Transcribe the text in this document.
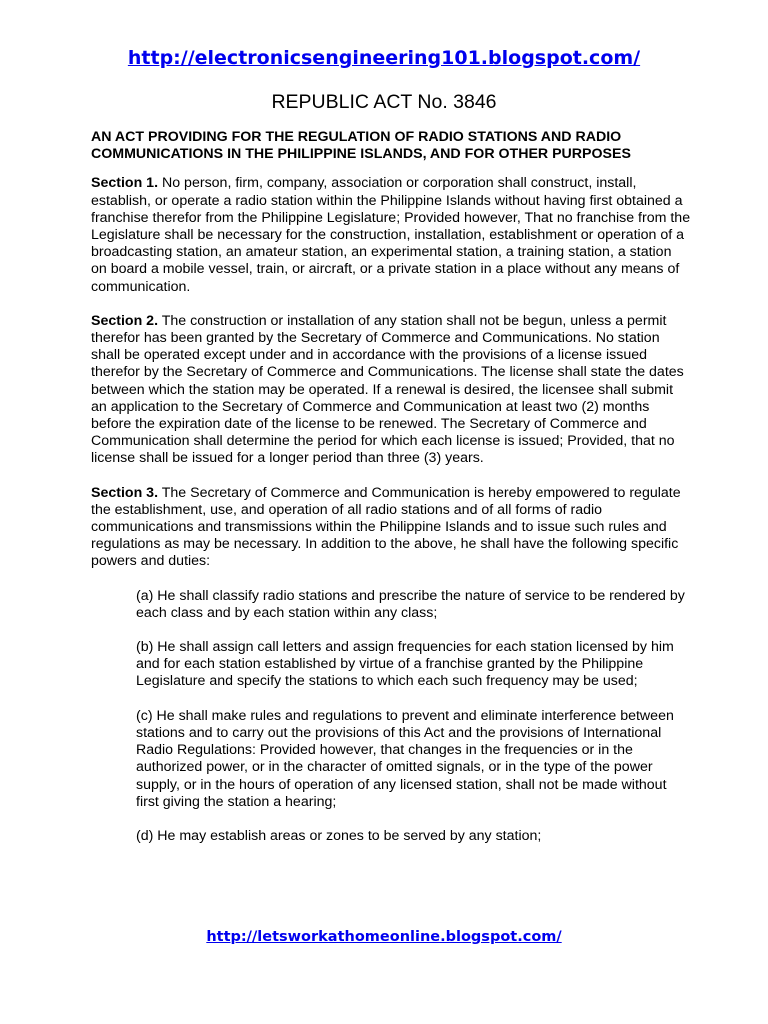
http://electronicsengineering101.blogspot.com/
REPUBLIC ACT No. 3846

AN ACT PROVIDING FOR THE REGULATION OF RADIO STATIONS AND RADIO COMMUNICATIONS IN THE PHILIPPINE ISLANDS, AND FOR OTHER PURPOSES

Section 1. No person, firm, company, association or corporation shall construct, install, establish, or operate a radio station within the Philippine Islands without having first obtained a franchise therefor from the Philippine Legislature; Provided however, That no franchise from the Legislature shall be necessary for the construction, installation, establishment or operation of a broadcasting station, an amateur station, an experimental station, a training station, a station on board a mobile vessel, train, or aircraft, or a private station in a place without any means of communication.

Section 2. The construction or installation of any station shall not be begun, unless a permit therefor has been granted by the Secretary of Commerce and Communications. No station shall be operated except under and in accordance with the provisions of a license issued therefor by the Secretary of Commerce and Communications. The license shall state the dates between which the station may be operated. If a renewal is desired, the licensee shall submit an application to the Secretary of Commerce and Communication at least two (2) months before the expiration date of the license to be renewed. The Secretary of Commerce and Communication shall determine the period for which each license is issued; Provided, that no license shall be issued for a longer period than three (3) years.

Section 3. The Secretary of Commerce and Communication is hereby empowered to regulate the establishment, use, and operation of all radio stations and of all forms of radio communications and transmissions within the Philippine Islands and to issue such rules and regulations as may be necessary. In addition to the above, he shall have the following specific powers and duties:

(a) He shall classify radio stations and prescribe the nature of service to be rendered by each class and by each station within any class;

(b) He shall assign call letters and assign frequencies for each station licensed by him and for each station established by virtue of a franchise granted by the Philippine Legislature and specify the stations to which each such frequency may be used;

(c) He shall make rules and regulations to prevent and eliminate interference between stations and to carry out the provisions of this Act and the provisions of International Radio Regulations: Provided however, that changes in the frequencies or in the authorized power, or in the character of omitted signals, or in the type of the power supply, or in the hours of operation of any licensed station, shall not be made without first giving the station a hearing;

(d) He may establish areas or zones to be served by any station;

http://letsworkathomeonline.blogspot.com/
